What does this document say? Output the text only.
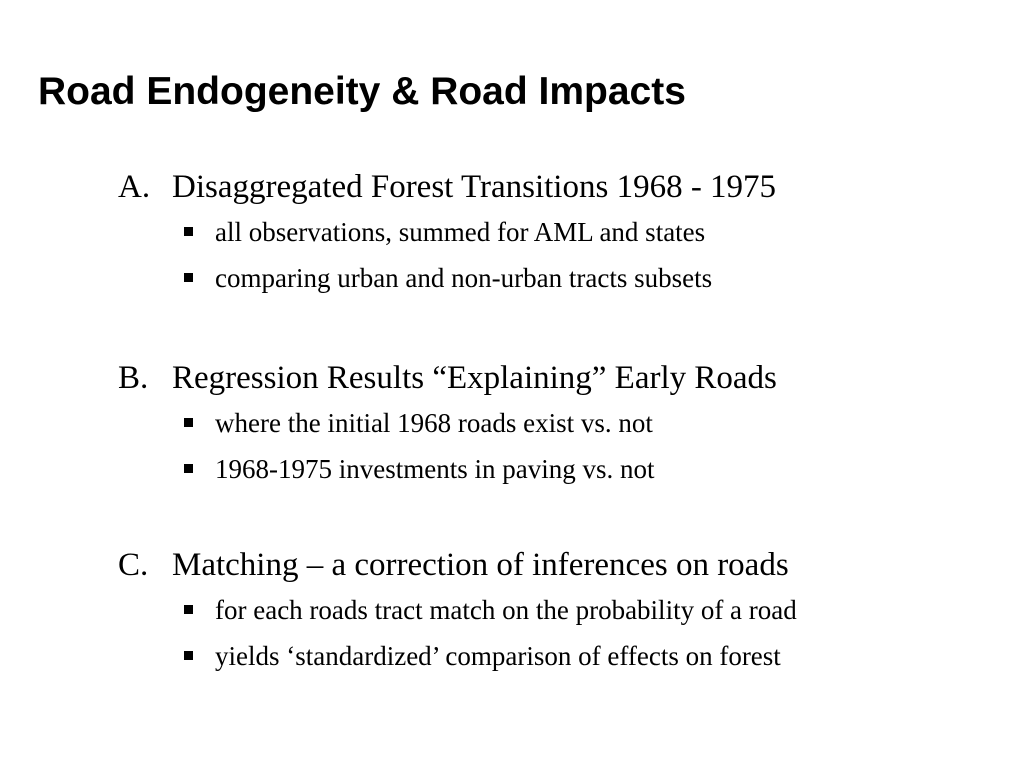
Road Endogeneity & Road Impacts
A. Disaggregated Forest Transitions 1968 - 1975
all observations, summed for AML and states
comparing urban and non-urban tracts subsets
B. Regression Results “Explaining” Early Roads
where the initial 1968 roads exist vs. not
1968-1975 investments in paving vs. not
C. Matching – a correction of inferences on roads
for each roads tract match on the probability of a road
yields ‘standardized’ comparison of effects on forest
